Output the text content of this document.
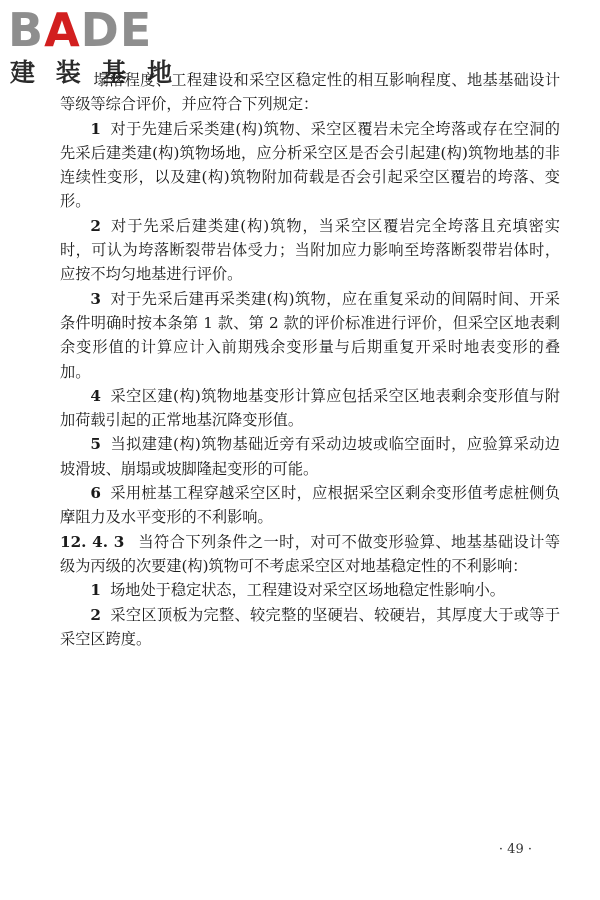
BADE
建 装 基 地

塌落程度、工程建设和采空区稳定性的相互影响程度、地基基础设计等级等综合评价，并应符合下列规定：

1 对于先建后采类建(构)筑物、采空区覆岩未完全垮落或存在空洞的先采后建类建(构)筑物场地，应分析采空区是否会引起建(构)筑物地基的非连续性变形，以及建(构)筑物附加荷载是否会引起采空区覆岩的垮落、变形。

2 对于先采后建类建(构)筑物，当采空区覆岩完全垮落且充填密实时，可认为垮落断裂带岩体受力；当附加应力影响至垮落断裂带岩体时，应按不均匀地基进行评价。

3 对于先采后建再采类建(构)筑物，应在重复采动的间隔时间、开采条件明确时按本条第 1 款、第 2 款的评价标准进行评价，但采空区地表剩余变形值的计算应计入前期残余变形量与后期重复开采时地表变形的叠加。

4 采空区建(构)筑物地基变形计算应包括采空区地表剩余变形值与附加荷载引起的正常地基沉降变形值。

5 当拟建建(构)筑物基础近旁有采动边坡或临空面时，应验算采动边坡滑坡、崩塌或坡脚隆起变形的可能。

6 采用桩基工程穿越采空区时，应根据采空区剩余变形值考虑桩侧负摩阻力及水平变形的不利影响。

12. 4. 3 当符合下列条件之一时，对可不做变形验算、地基基础设计等级为丙级的次要建(构)筑物可不考虑采空区对地基稳定性的不利影响：

1 场地处于稳定状态，工程建设对采空区场地稳定性影响小。

2 采空区顶板为完整、较完整的坚硬岩、较硬岩，其厚度大于或等于采空区跨度。

· 49 ·
